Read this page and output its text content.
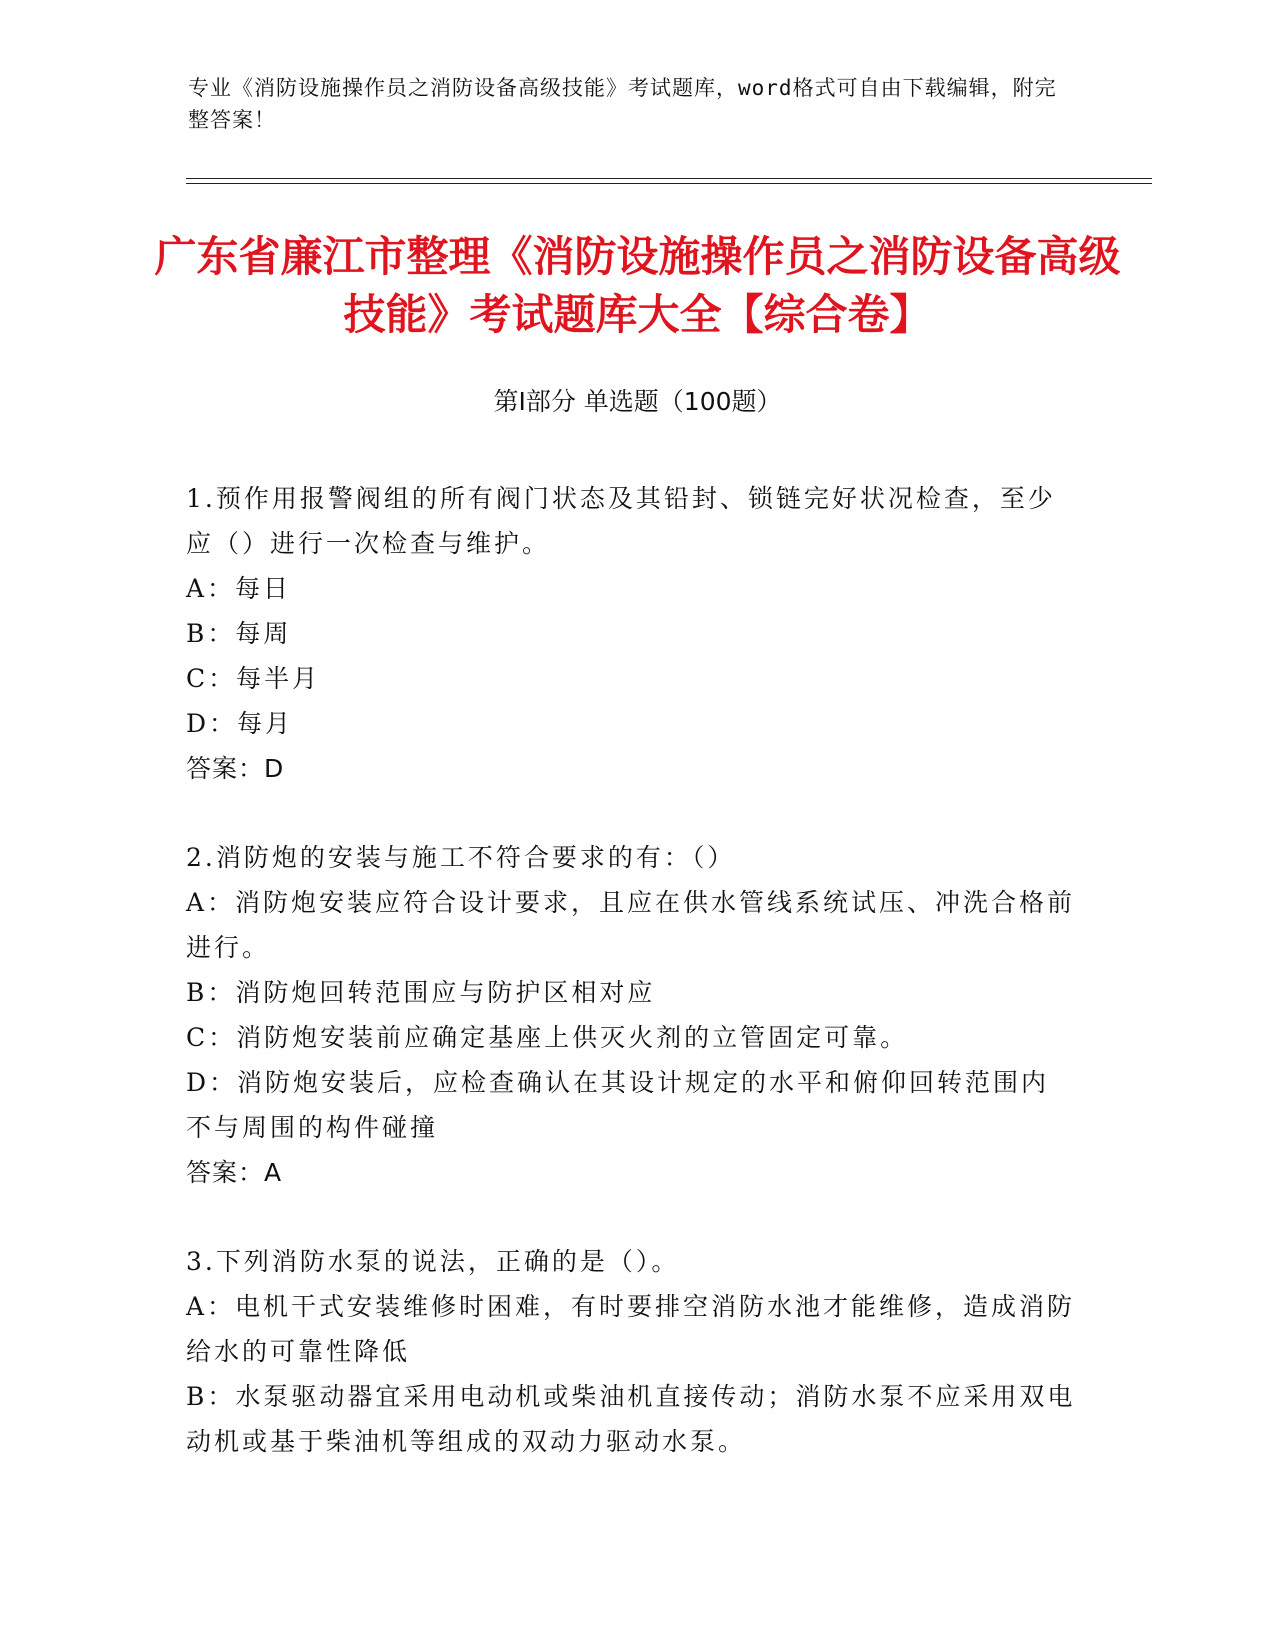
专业《消防设施操作员之消防设备高级技能》考试题库，word格式可自由下载编辑，附完整答案！
广东省廉江市整理《消防设施操作员之消防设备高级技能》考试题库大全【综合卷】
第Ⅰ部分 单选题（100题）
1.预作用报警阀组的所有阀门状态及其铅封、锁链完好状况检查，至少应（）进行一次检查与维护。
A：每日
B：每周
C：每半月
D：每月
答案：D
2.消防炮的安装与施工不符合要求的有：（）
A：消防炮安装应符合设计要求，且应在供水管线系统试压、冲洗合格前进行。
B：消防炮回转范围应与防护区相对应
C：消防炮安装前应确定基座上供灭火剂的立管固定可靠。
D：消防炮安装后，应检查确认在其设计规定的水平和俯仰回转范围内不与周围的构件碰撞
答案：A
3.下列消防水泵的说法，正确的是（）。
A：电机干式安装维修时困难，有时要排空消防水池才能维修，造成消防给水的可靠性降低
B：水泵驱动器宜采用电动机或柴油机直接传动；消防水泵不应采用双电动机或基于柴油机等组成的双动力驱动水泵。
